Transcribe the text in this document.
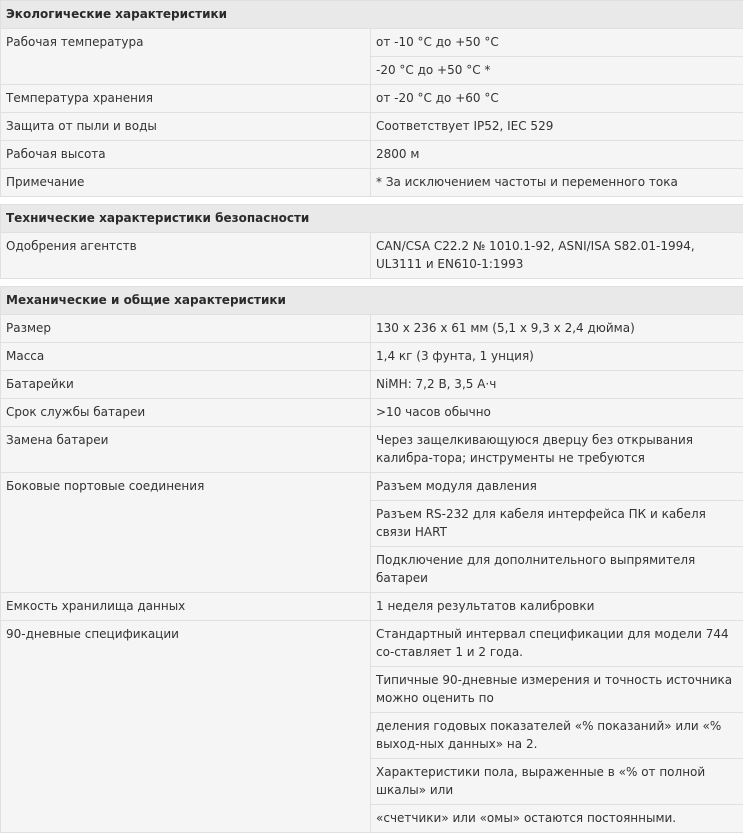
Экологические характеристики	
Рабочая температура	от -10 °C до +50 °C
	-20 °C до +50 °C *
Температура хранения	от -20 °C до +60 °C
Защита от пыли и воды	Соответствует IP52, IEC 529
Рабочая высота	2800 м
Примечание	* За исключением частоты и переменного тока

Технические характеристики безопасности	
Одобрения агентств	CAN/CSA C22.2 № 1010.1-92, ASNI/ISA S82.01-1994, UL3111 и EN610-1:1993

Механические и общие характеристики	
Размер	130 x 236 x 61 мм (5,1 x 9,3 x 2,4 дюйма)
Масса	1,4 кг (3 фунта, 1 унция)
Батарейки	NiMH: 7,2 В, 3,5 А·ч
Срок службы батареи	>10 часов обычно
Замена батареи	Через защелкивающуюся дверцу без открывания калибра-тора; инструменты не требуются
Боковые портовые соединения	Разъем модуля давления
	Разъем RS-232 для кабеля интерфейса ПК и кабеля связи HART
	Подключение для дополнительного выпрямителя батареи
Емкость хранилища данных	1 неделя результатов калибровки
90-дневные спецификации	Стандартный интервал спецификации для модели 744 со-ставляет 1 и 2 года.
	Типичные 90-дневные измерения и точность источника можно оценить по
	деления годовых показателей «% показаний» или «% выход-ных данных» на 2.
	Характеристики пола, выраженные в «% от полной шкалы» или
	«счетчики» или «омы» остаются постоянными.
